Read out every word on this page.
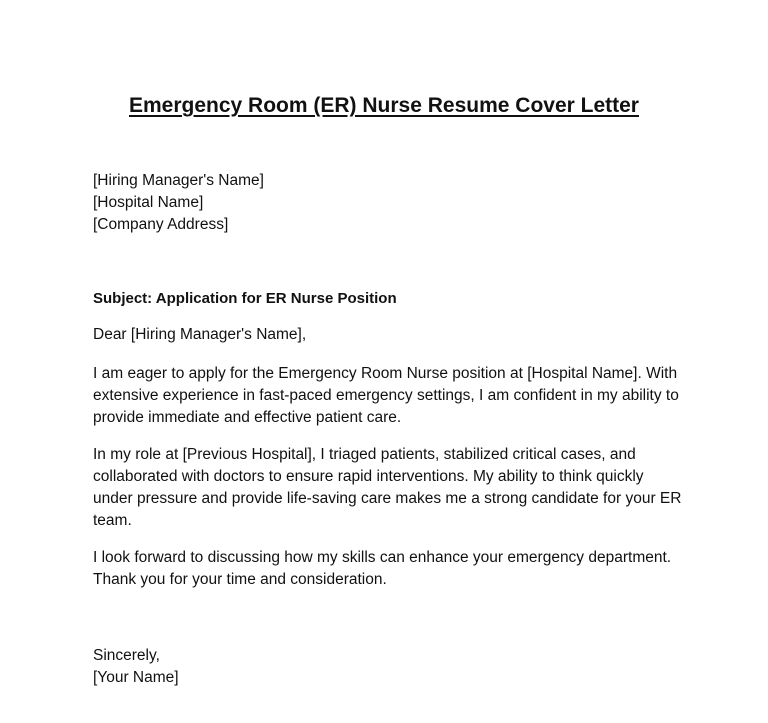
Emergency Room (ER) Nurse Resume Cover Letter
[Hiring Manager's Name]
[Hospital Name]
[Company Address]
Subject: Application for ER Nurse Position
Dear [Hiring Manager's Name],
I am eager to apply for the Emergency Room Nurse position at [Hospital Name]. With
extensive experience in fast-paced emergency settings, I am confident in my ability to
provide immediate and effective patient care.
In my role at [Previous Hospital], I triaged patients, stabilized critical cases, and
collaborated with doctors to ensure rapid interventions. My ability to think quickly
under pressure and provide life-saving care makes me a strong candidate for your ER
team.
I look forward to discussing how my skills can enhance your emergency department.
Thank you for your time and consideration.
Sincerely,
[Your Name]
